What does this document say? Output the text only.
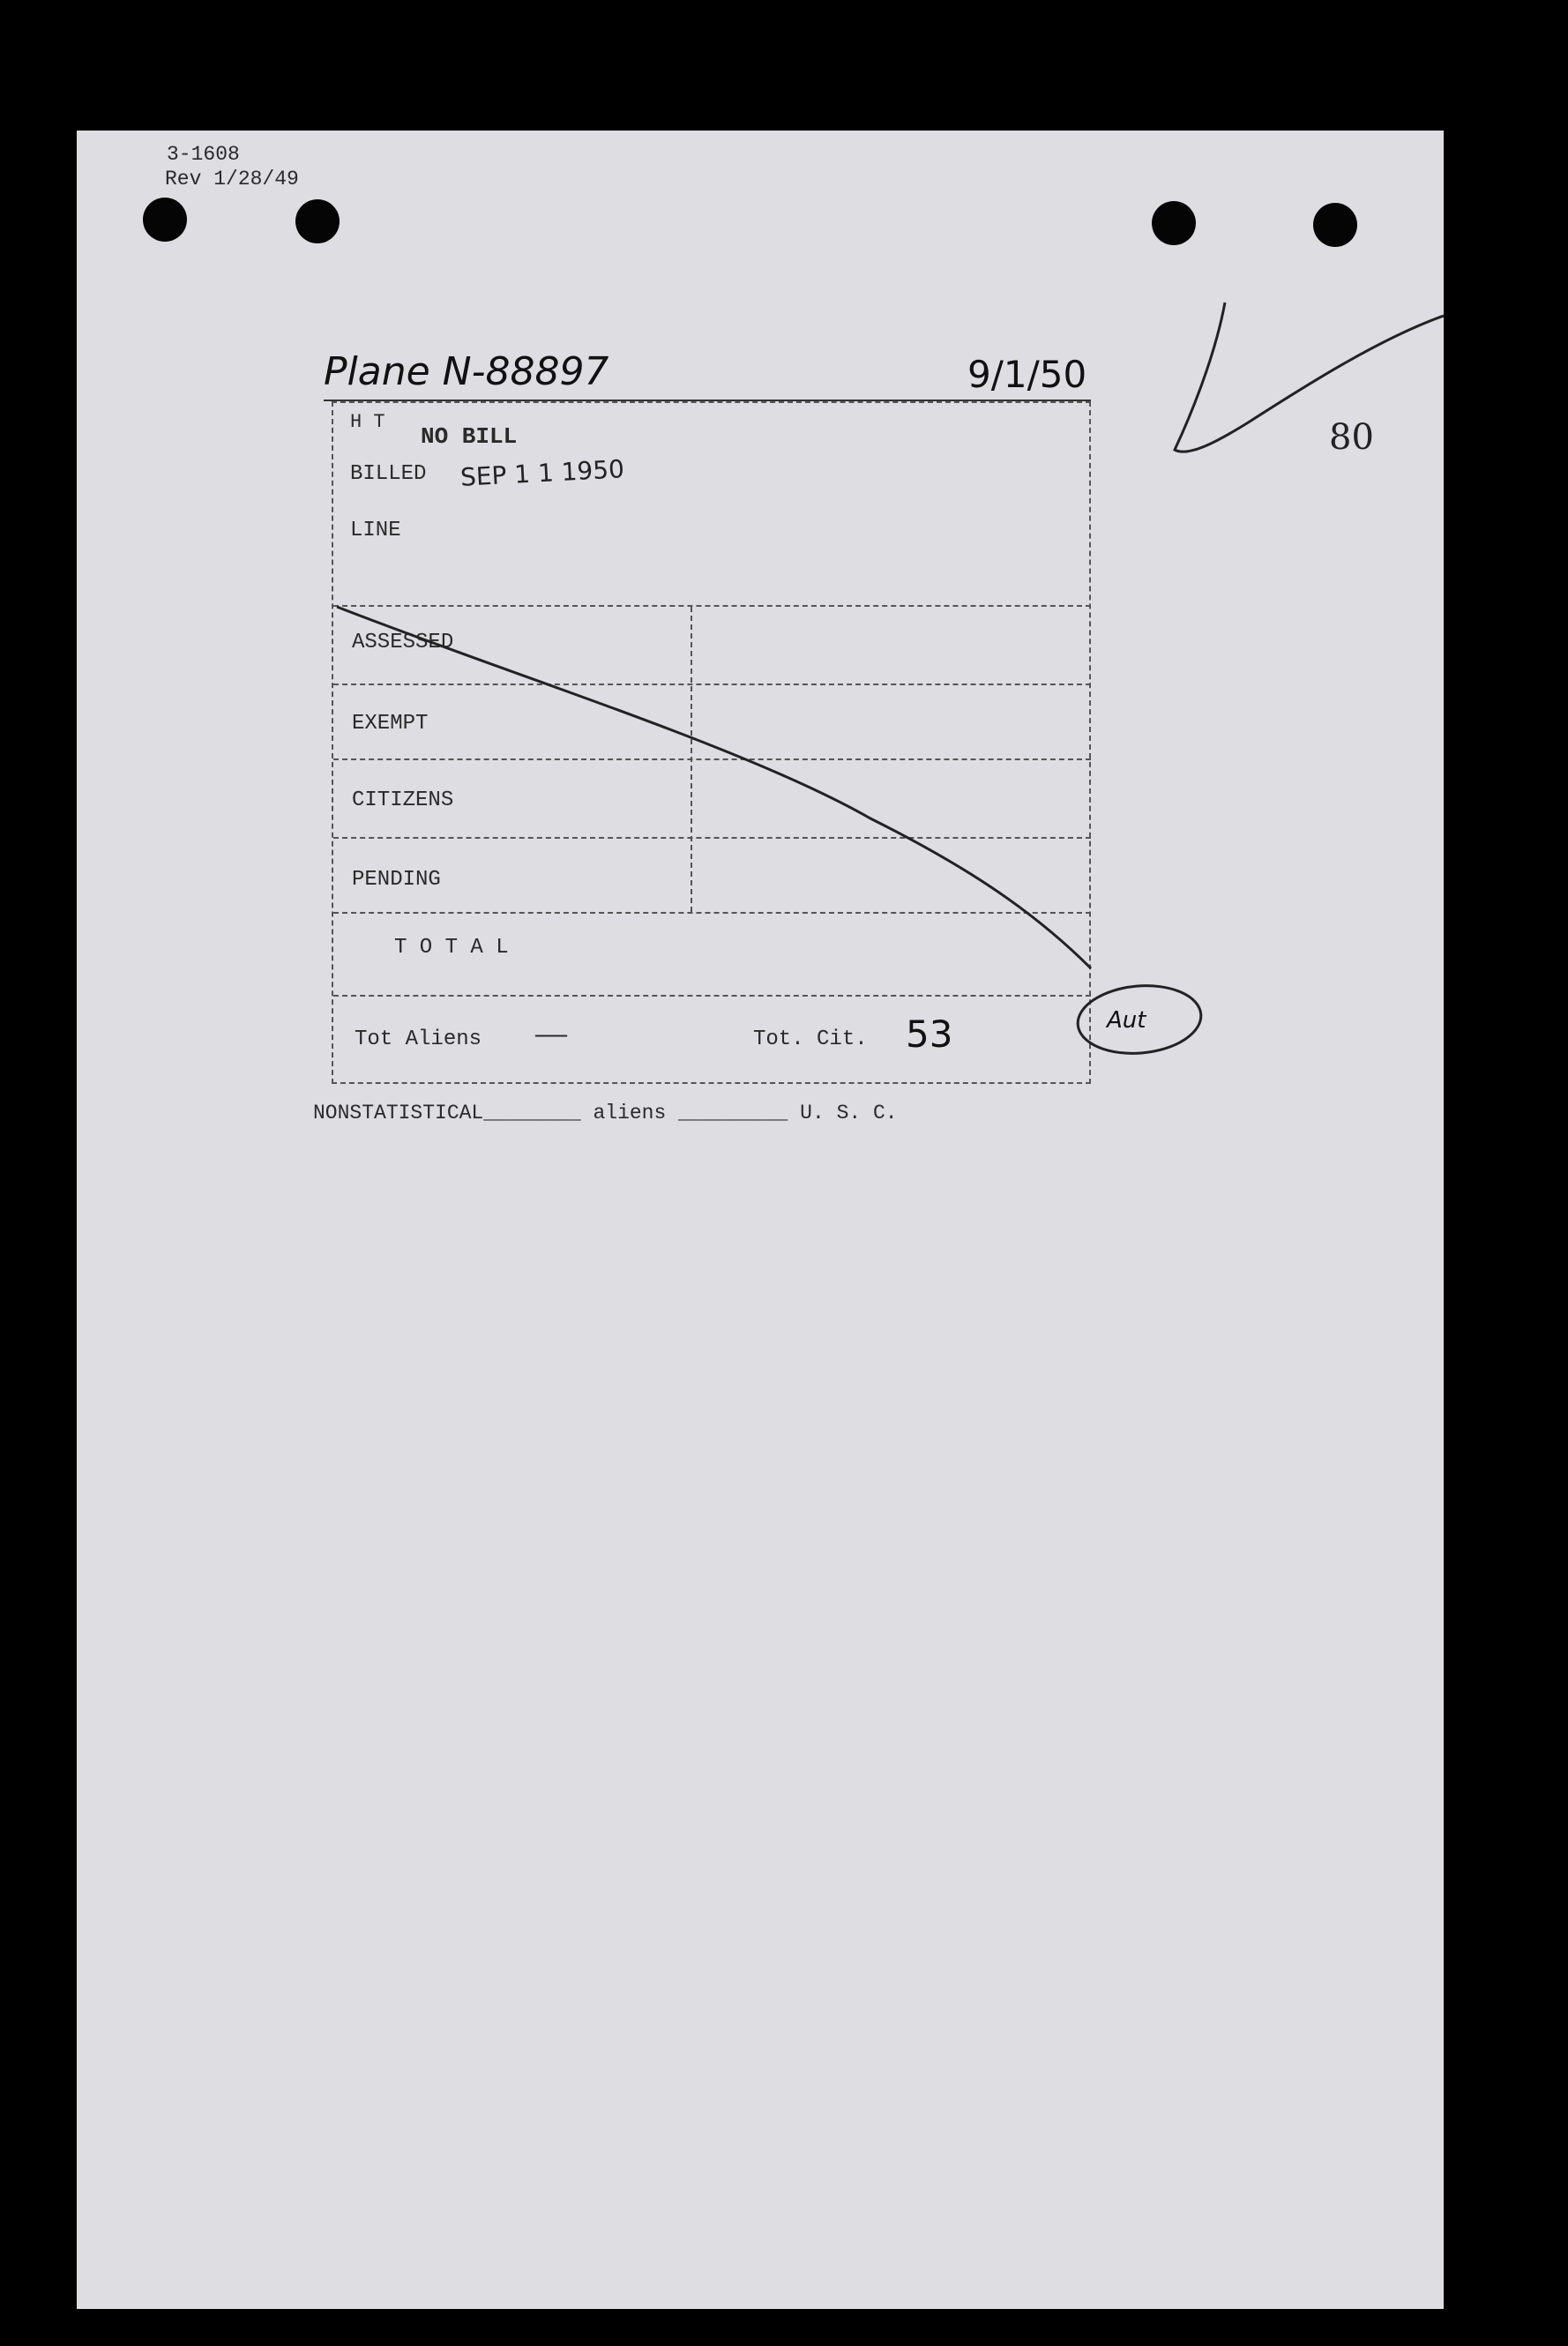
3-1608
Rev 1/28/49
Plane N-88897	9/1/50
80
H T
NO BILL
BILLED SEP 1 1 1950
LINE
ASSESSED
EXEMPT
CITIZENS
PENDING
T O T A L
Tot Aliens ——	Tot. Cit. 53	Aut
NONSTATISTICAL________ aliens _________ U. S. C.
